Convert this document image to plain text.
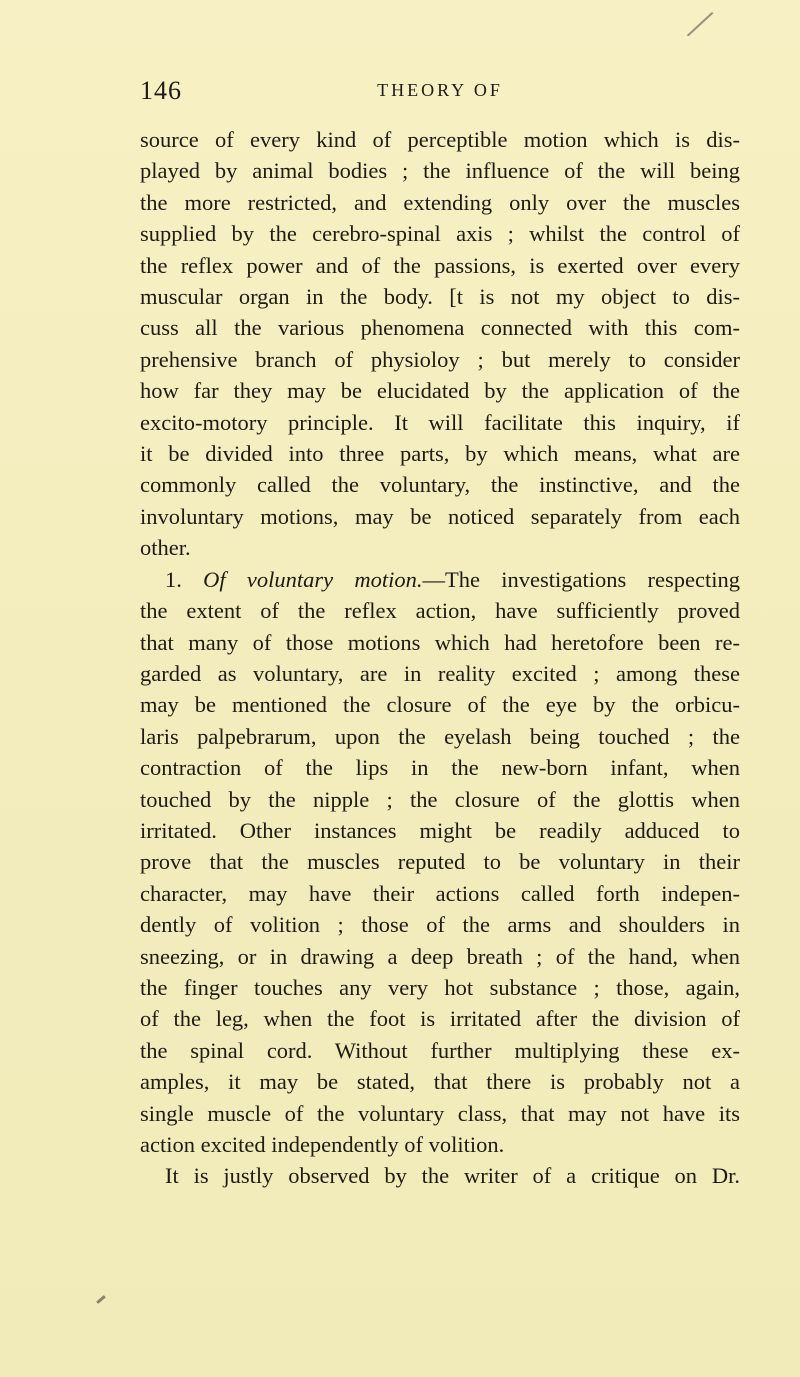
╱
146	THEORY OF
source of every kind of perceptible motion which is dis-
played by animal bodies ; the influence of the will being
the more restricted, and extending only over the muscles
supplied by the cerebro-spinal axis ; whilst the control of
the reflex power and of the passions, is exerted over every
muscular organ in the body. [t is not my object to dis-
cuss all the various phenomena connected with this com-
prehensive branch of physioloy ; but merely to consider
how far they may be elucidated by the application of the
excito-motory principle. It will facilitate this inquiry, if
it be divided into three parts, by which means, what are
commonly called the voluntary, the instinctive, and the
involuntary motions, may be noticed separately from each
other.
1. Of voluntary motion.—The investigations respecting
the extent of the reflex action, have sufficiently proved
that many of those motions which had heretofore been re-
garded as voluntary, are in reality excited ; among these
may be mentioned the closure of the eye by the orbicu-
laris palpebrarum, upon the eyelash being touched ; the
contraction of the lips in the new-born infant, when
touched by the nipple ; the closure of the glottis when
irritated. Other instances might be readily adduced to
prove that the muscles reputed to be voluntary in their
character, may have their actions called forth indepen-
dently of volition ; those of the arms and shoulders in
sneezing, or in drawing a deep breath ; of the hand, when
the finger touches any very hot substance ; those, again,
of the leg, when the foot is irritated after the division of
the spinal cord. Without further multiplying these ex-
amples, it may be stated, that there is probably not a
single muscle of the voluntary class, that may not have its
action excited independently of volition.
It is justly observed by the writer of a critique on Dr.
